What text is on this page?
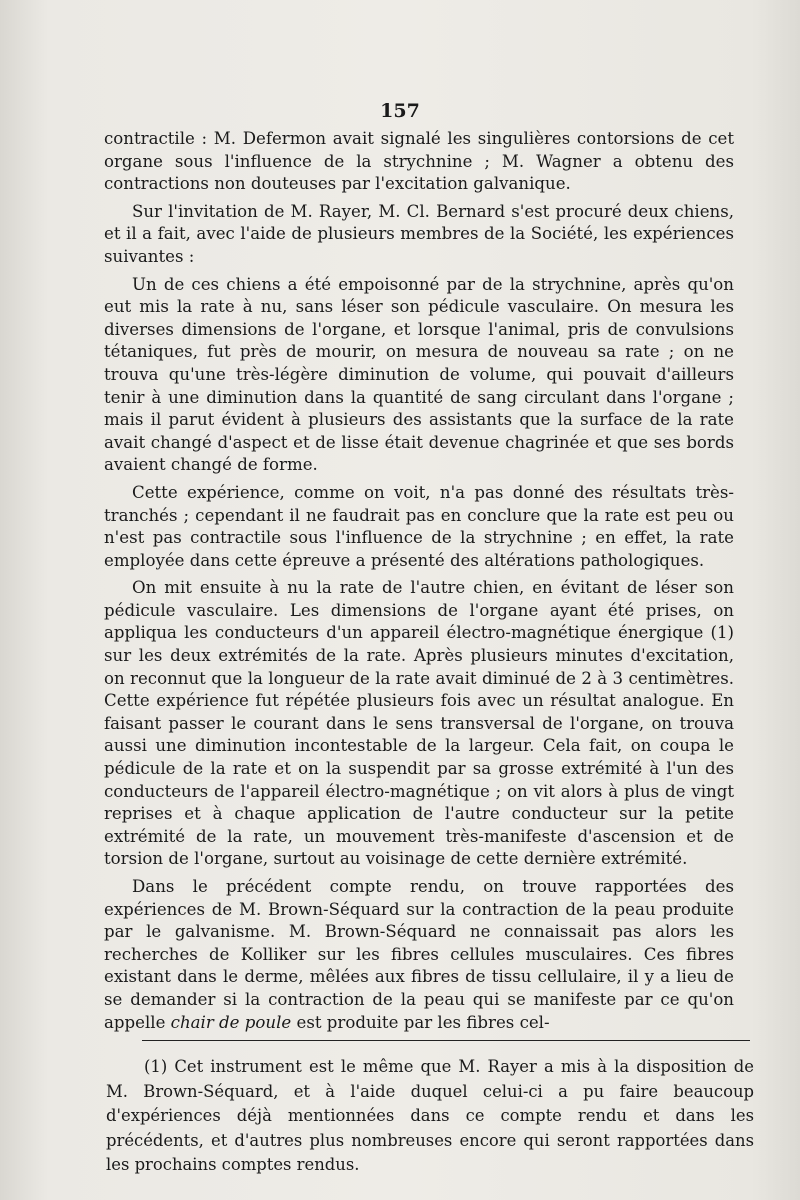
157

contractile : M. Defermon avait signalé les singulières contorsions de cet organe sous l'influence de la strychnine ; M. Wagner a obtenu des contractions non douteuses par l'excitation galvanique.

Sur l'invitation de M. Rayer, M. Cl. Bernard s'est procuré deux chiens, et il a fait, avec l'aide de plusieurs membres de la Société, les expériences suivantes :

Un de ces chiens a été empoisonné par de la strychnine, après qu'on eut mis la rate à nu, sans léser son pédicule vasculaire. On mesura les diverses dimensions de l'organe, et lorsque l'animal, pris de convulsions tétaniques, fut près de mourir, on mesura de nouveau sa rate ; on ne trouva qu'une très-légère diminution de volume, qui pouvait d'ailleurs tenir à une diminution dans la quantité de sang circulant dans l'organe ; mais il parut évident à plusieurs des assistants que la surface de la rate avait changé d'aspect et de lisse était devenue chagrinée et que ses bords avaient changé de forme.

Cette expérience, comme on voit, n'a pas donné des résultats très-tranchés ; cependant il ne faudrait pas en conclure que la rate est peu ou n'est pas contractile sous l'influence de la strychnine ; en effet, la rate employée dans cette épreuve a présenté des altérations pathologiques.

On mit ensuite à nu la rate de l'autre chien, en évitant de léser son pédicule vasculaire. Les dimensions de l'organe ayant été prises, on appliqua les conducteurs d'un appareil électro-magnétique énergique (1) sur les deux extrémités de la rate. Après plusieurs minutes d'excitation, on reconnut que la longueur de la rate avait diminué de 2 à 3 centimètres. Cette expérience fut répétée plusieurs fois avec un résultat analogue. En faisant passer le courant dans le sens transversal de l'organe, on trouva aussi une diminution incontestable de la largeur. Cela fait, on coupa le pédicule de la rate et on la suspendit par sa grosse extrémité à l'un des conducteurs de l'appareil électro-magnétique ; on vit alors à plus de vingt reprises et à chaque application de l'autre conducteur sur la petite extrémité de la rate, un mouvement très-manifeste d'ascension et de torsion de l'organe, surtout au voisinage de cette dernière extrémité.

Dans le précédent compte rendu, on trouve rapportées des expériences de M. Brown-Séquard sur la contraction de la peau produite par le galvanisme. M. Brown-Séquard ne connaissait pas alors les recherches de Kolliker sur les fibres cellules musculaires. Ces fibres existant dans le derme, mêlées aux fibres de tissu cellulaire, il y a lieu de se demander si la contraction de la peau qui se manifeste par ce qu'on appelle chair de poule est produite par les fibres cel-

(1) Cet instrument est le même que M. Rayer a mis à la disposition de M. Brown-Séquard, et à l'aide duquel celui-ci a pu faire beaucoup d'expériences déjà mentionnées dans ce compte rendu et dans les précédents, et d'autres plus nombreuses encore qui seront rapportées dans les prochains comptes rendus.
